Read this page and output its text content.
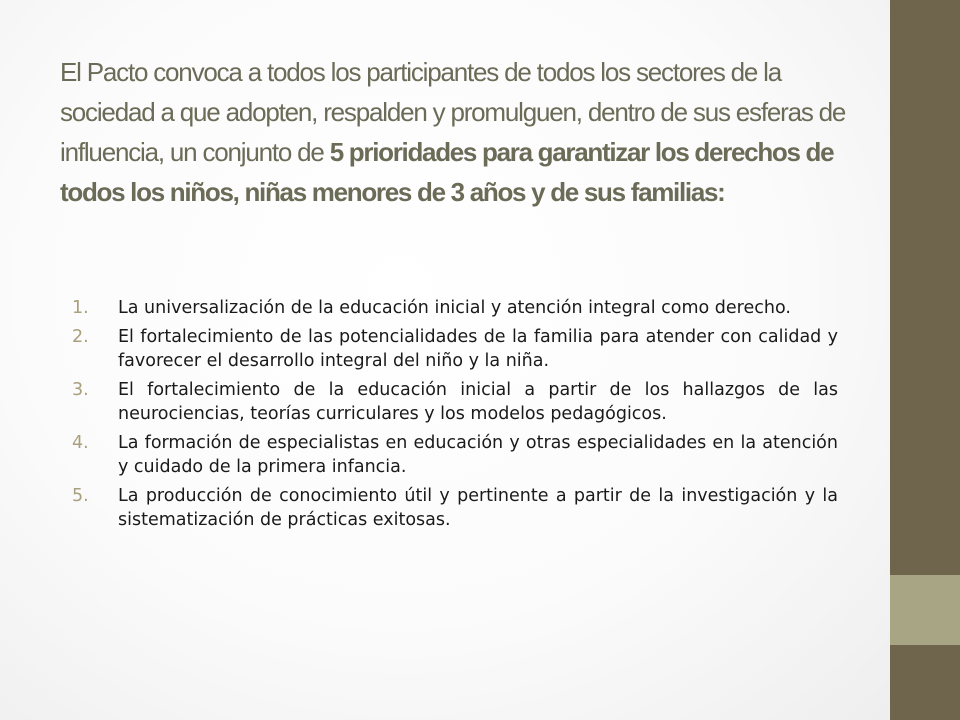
El Pacto convoca a todos los participantes de todos los sectores de la sociedad a que adopten, respalden y promulguen, dentro de sus esferas de influencia, un conjunto de 5 prioridades para garantizar los derechos de todos los niños, niñas menores de 3 años y de sus familias:
1. La universalización de la educación inicial y atención integral como derecho.
2. El fortalecimiento de las potencialidades de la familia para atender con calidad y favorecer el desarrollo integral del niño y la niña.
3. El fortalecimiento de la educación inicial a partir de los hallazgos de las neurociencias, teorías curriculares y los modelos pedagógicos.
4. La formación de especialistas en educación y otras especialidades en la atención y cuidado de la primera infancia.
5. La producción de conocimiento útil y pertinente a partir de la investigación y la sistematización de prácticas exitosas.
